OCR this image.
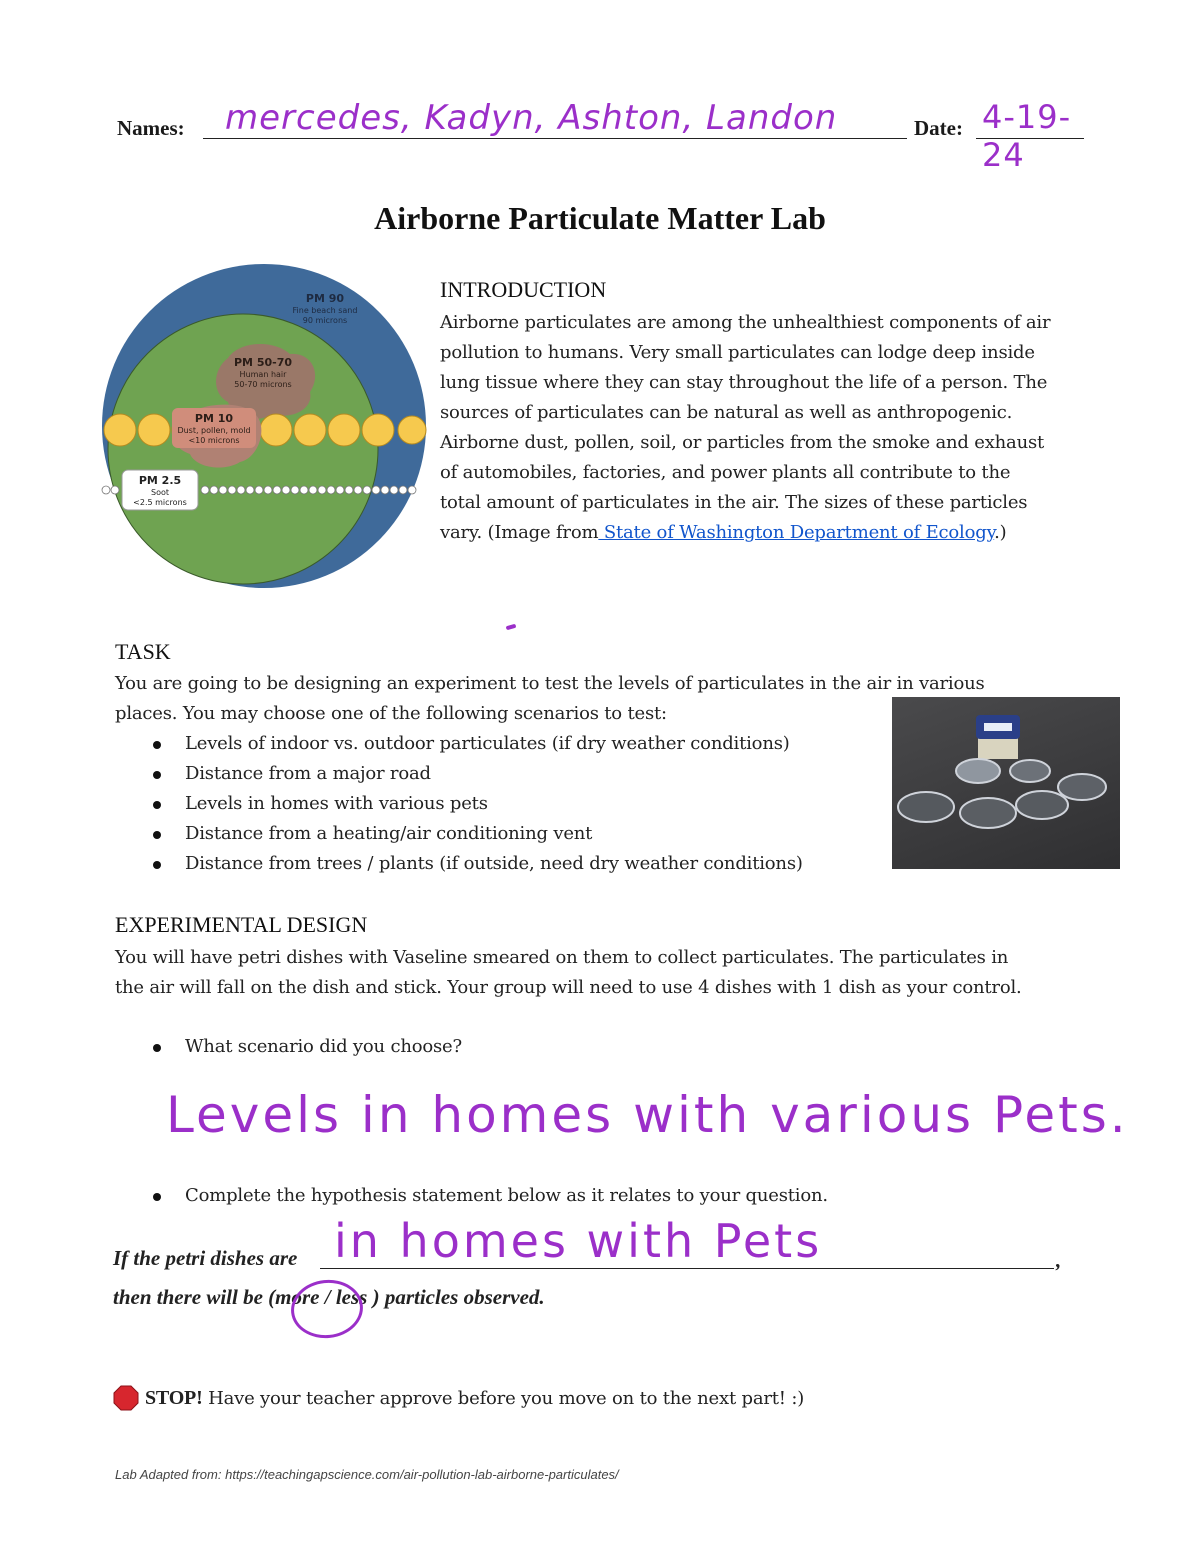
Names: mercedes, Kadyn, Ashton, Landon	Date: 4-19-24
Airborne Particulate Matter Lab
PM 90
Fine beach sand
90 microns
PM 50-70
Human hair
50-70 microns
PM 10
Dust, pollen, mold
<10 microns
PM 2.5
Soot
<2.5 microns
INTRODUCTION
Airborne particulates are among the unhealthiest components of air
pollution to humans. Very small particulates can lodge deep inside
lung tissue where they can stay throughout the life of a person. The
sources of particulates can be natural as well as anthropogenic.
Airborne dust, pollen, soil, or particles from the smoke and exhaust
of automobiles, factories, and power plants all contribute to the
total amount of particulates in the air. The sizes of these particles
vary. (Image from State of Washington Department of Ecology.)
TASK
You are going to be designing an experiment to test the levels of particulates in the air in various
places. You may choose one of the following scenarios to test:
Levels of indoor vs. outdoor particulates (if dry weather conditions)
Distance from a major road
Levels in homes with various pets
Distance from a heating/air conditioning vent
Distance from trees / plants (if outside, need dry weather conditions)
EXPERIMENTAL DESIGN
You will have petri dishes with Vaseline smeared on them to collect particulates. The particulates in
the air will fall on the dish and stick. Your group will need to use 4 dishes with 1 dish as your control.
What scenario did you choose?
Levels in homes with various Pets.
Complete the hypothesis statement below as it relates to your question.
If the petri dishes are in homes with Pets	,
then there will be (more / less ) particles observed.
STOP! Have your teacher approve before you move on to the next part! :)
Lab Adapted from: https://teachingapscience.com/air-pollution-lab-airborne-particulates/
